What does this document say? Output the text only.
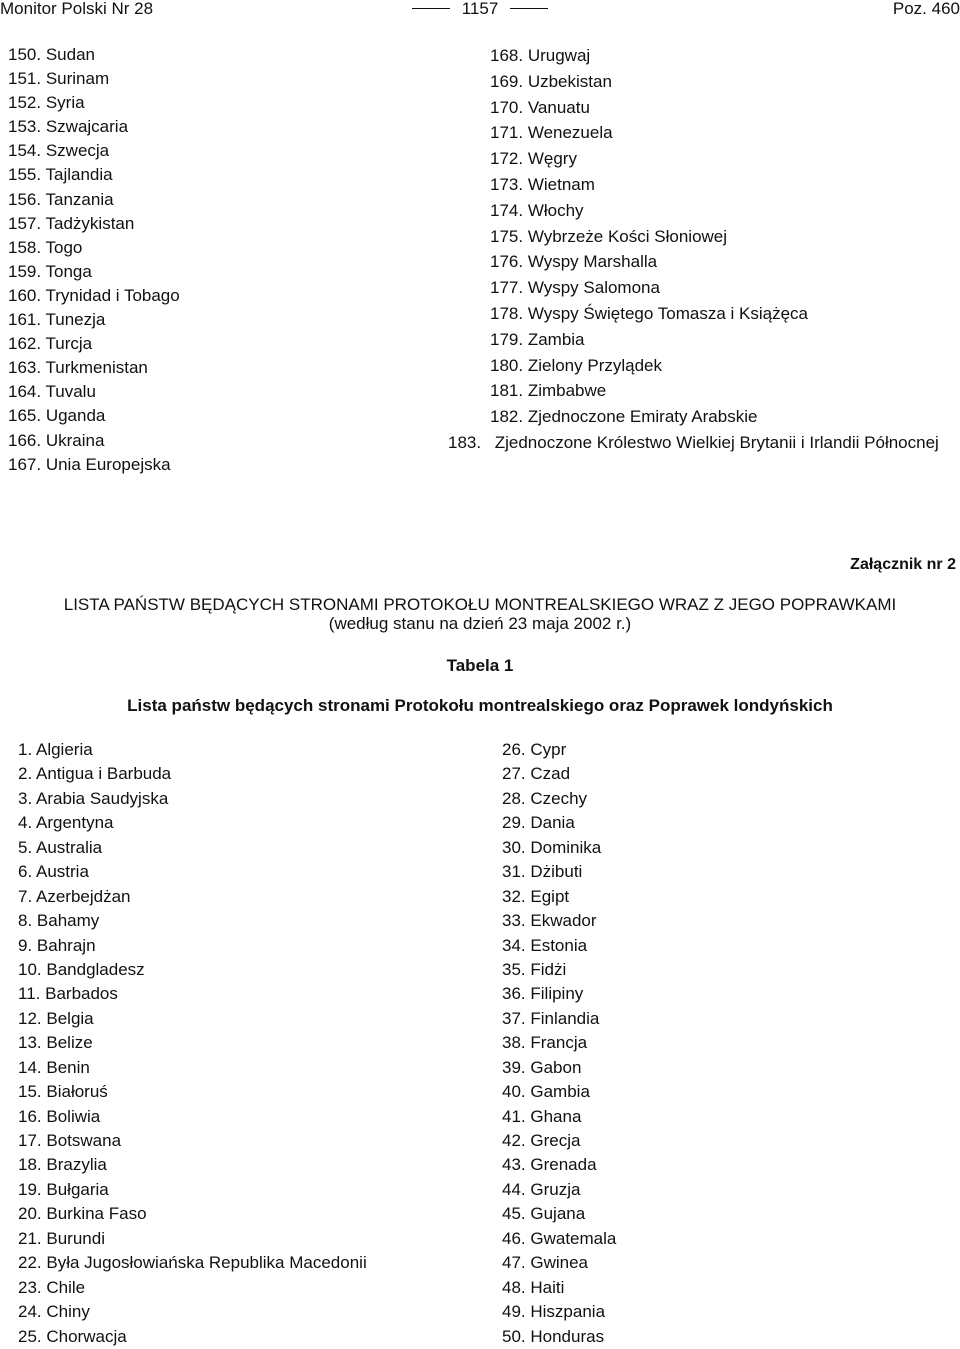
Monitor Polski Nr 28	1157	Poz. 460
150. Sudan
151. Surinam
152. Syria
153. Szwajcaria
154. Szwecja
155. Tajlandia
156. Tanzania
157. Tadżykistan
158. Togo
159. Tonga
160. Trynidad i Tobago
161. Tunezja
162. Turcja
163. Turkmenistan
164. Tuvalu
165. Uganda
166. Ukraina
167. Unia Europejska
168. Urugwaj
169. Uzbekistan
170. Vanuatu
171. Wenezuela
172. Węgry
173. Wietnam
174. Włochy
175. Wybrzeże Kości Słoniowej
176. Wyspy Marshalla
177. Wyspy Salomona
178. Wyspy Świętego Tomasza i Książęca
179. Zambia
180. Zielony Przylądek
181. Zimbabwe
182. Zjednoczone Emiraty Arabskie
183. Zjednoczone Królestwo Wielkiej Brytanii i Irlandii Północnej
Załącznik nr 2
LISTA PAŃSTW BĘDĄCYCH STRONAMI PROTOKOŁU MONTREALSKIEGO WRAZ Z JEGO POPRAWKAMI
(według stanu na dzień 23 maja 2002 r.)
Tabela 1
Lista państw będących stronami Protokołu montrealskiego oraz Poprawek londyńskich
1. Algieria
2. Antigua i Barbuda
3. Arabia Saudyjska
4. Argentyna
5. Australia
6. Austria
7. Azerbejdżan
8. Bahamy
9. Bahrajn
10. Bandgladesz
11. Barbados
12. Belgia
13. Belize
14. Benin
15. Białoruś
16. Boliwia
17. Botswana
18. Brazylia
19. Bułgaria
20. Burkina Faso
21. Burundi
22. Była Jugosłowiańska Republika Macedonii
23. Chile
24. Chiny
25. Chorwacja
26. Cypr
27. Czad
28. Czechy
29. Dania
30. Dominika
31. Dżibuti
32. Egipt
33. Ekwador
34. Estonia
35. Fidżi
36. Filipiny
37. Finlandia
38. Francja
39. Gabon
40. Gambia
41. Ghana
42. Grecja
43. Grenada
44. Gruzja
45. Gujana
46. Gwatemala
47. Gwinea
48. Haiti
49. Hiszpania
50. Honduras
